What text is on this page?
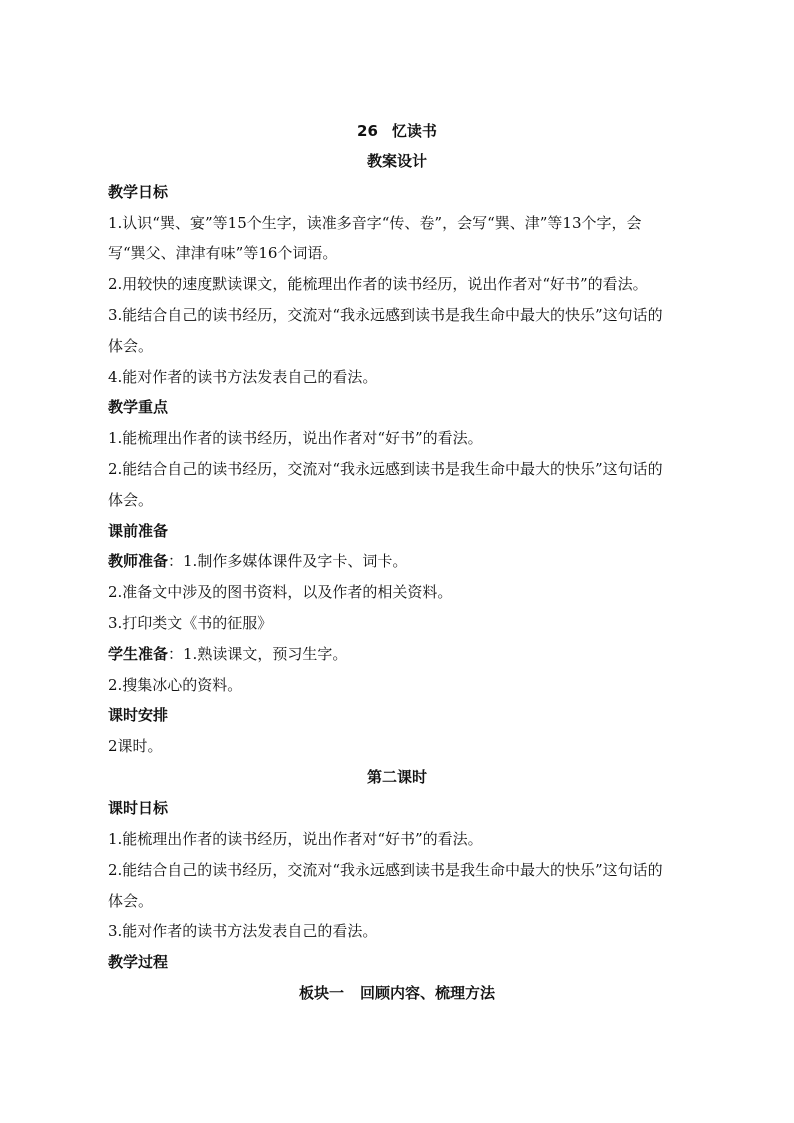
26 忆读书
教案设计
教学日标
1.认识“巽、宴”等15个生字，读准多音字“传、卷”，会写“巽、津”等13个字，会
写“巽父、津津有味”等16个词语。
2.用较快的速度默读课文，能梳理出作者的读书经历，说出作者对“好书”的看法。
3.能结合自己的读书经历，交流对“我永远感到读书是我生命中最大的快乐”这句话的
体会。
4.能对作者的读书方法发表自己的看法。
教学重点
1.能梳理出作者的读书经历，说出作者对“好书”的看法。
2.能结合自己的读书经历，交流对“我永远感到读书是我生命中最大的快乐”这句话的
体会。
课前准备
教师准备：1.制作多媒体课件及字卡、词卡。
2.准备文中涉及的图书资料，以及作者的相关资料。
3.打印类文《书的征服》
学生准备：1.熟读课文，预习生字。
2.搜集冰心的资料。
课时安排
2课时。
第二课时
课时日标
1.能梳理出作者的读书经历，说出作者对“好书”的看法。
2.能结合自己的读书经历，交流对“我永远感到读书是我生命中最大的快乐”这句话的
体会。
3.能对作者的读书方法发表自己的看法。
教学过程
板块一 回顾内容、梳理方法
